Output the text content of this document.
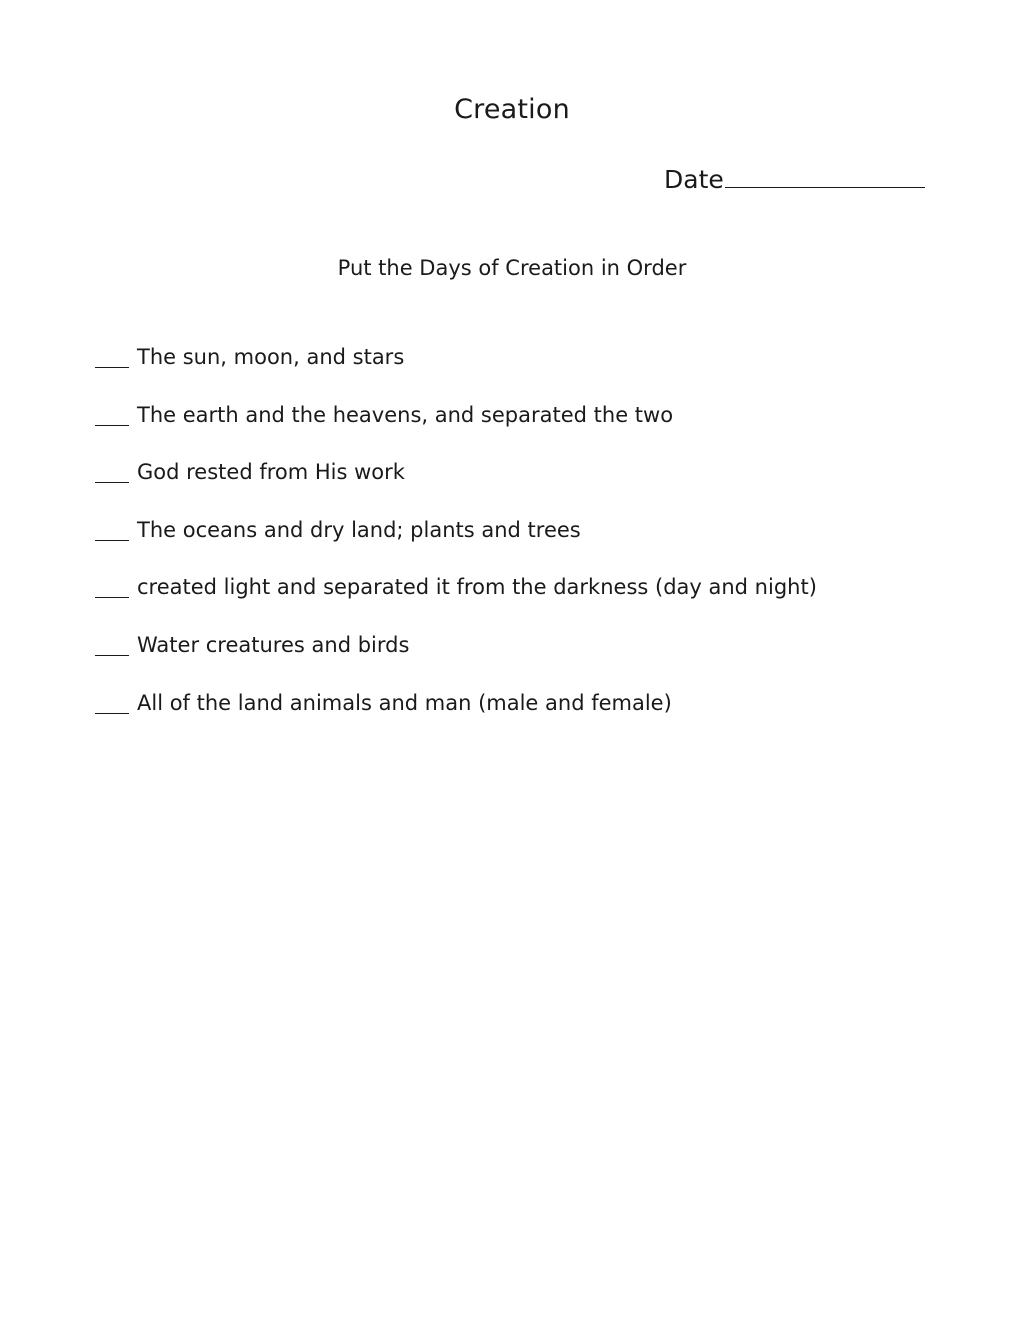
Creation
Date

Put the Days of Creation in Order

The sun, moon, and stars
The earth and the heavens, and separated the two
God rested from His work
The oceans and dry land; plants and trees
created light and separated it from the darkness (day and night)
Water creatures and birds
All of the land animals and man (male and female)
